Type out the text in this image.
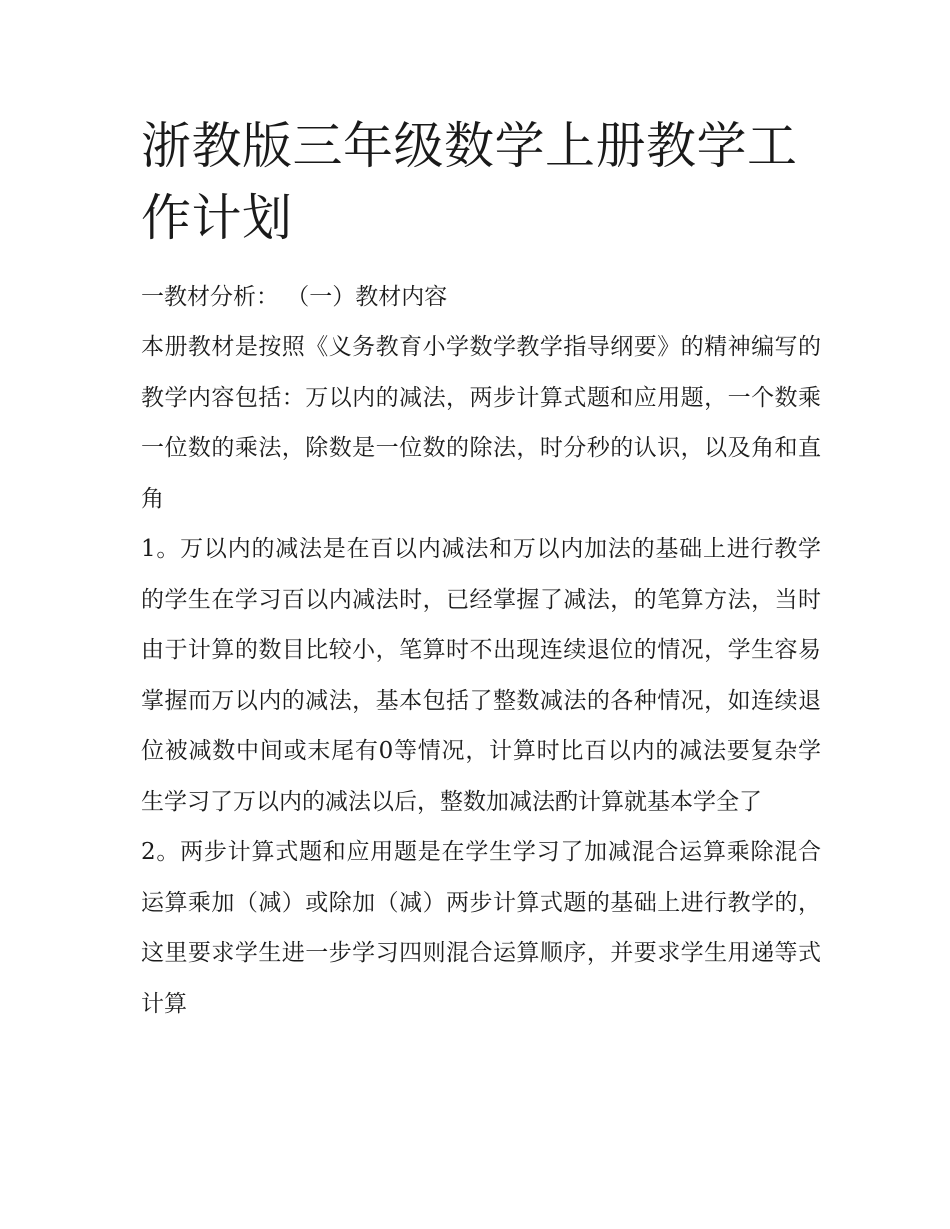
浙教版三年级数学上册教学工作计划
一教材分析： （一）教材内容

本册教材是按照《义务教育小学数学教学指导纲要》的精神编写的教学内容包括：万以内的减法，两步计算式题和应用题，一个数乘一位数的乘法，除数是一位数的除法，时分秒的认识，以及角和直角

1。万以内的减法是在百以内减法和万以内加法的基础上进行教学的学生在学习百以内减法时，已经掌握了减法，的笔算方法，当时由于计算的数目比较小，笔算时不出现连续退位的情况，学生容易掌握而万以内的减法，基本包括了整数减法的各种情况，如连续退位被减数中间或末尾有0等情况，计算时比百以内的减法要复杂学生学习了万以内的减法以后，整数加减法酌计算就基本学全了

2。两步计算式题和应用题是在学生学习了加减混合运算乘除混合运算乘加（减）或除加（减）两步计算式题的基础上进行教学的，这里要求学生进一步学习四则混合运算顺序，并要求学生用递等式计算
